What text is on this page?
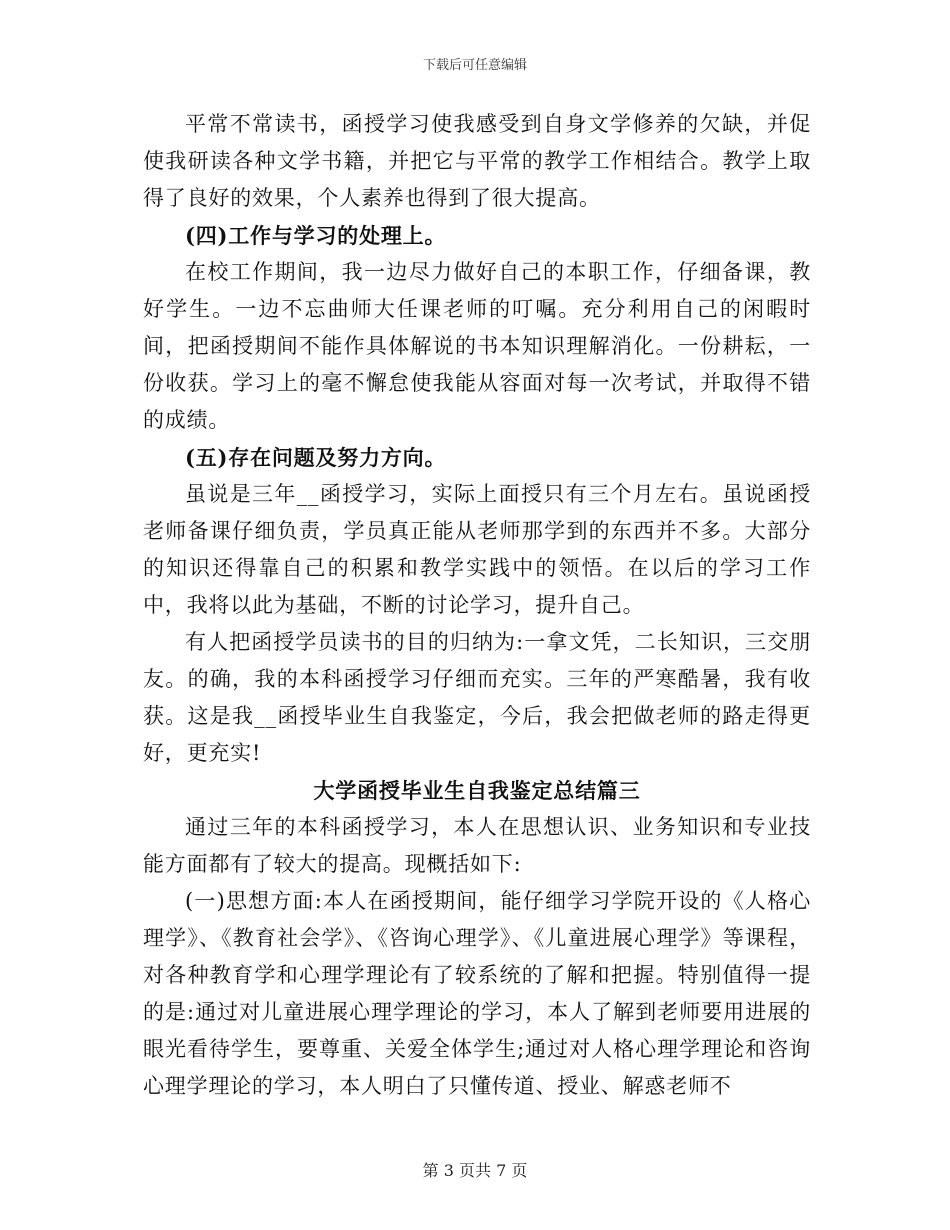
下载后可任意编辑

平常不常读书，函授学习使我感受到自身文学修养的欠缺，并促使我研读各种文学书籍，并把它与平常的教学工作相结合。教学上取得了良好的效果，个人素养也得到了很大提高。

(四)工作与学习的处理上。

在校工作期间，我一边尽力做好自己的本职工作，仔细备课，教好学生。一边不忘曲师大任课老师的叮嘱。充分利用自己的闲暇时间，把函授期间不能作具体解说的书本知识理解消化。一份耕耘，一份收获。学习上的毫不懈怠使我能从容面对每一次考试，并取得不错的成绩。

(五)存在问题及努力方向。

虽说是三年__函授学习，实际上面授只有三个月左右。虽说函授老师备课仔细负责，学员真正能从老师那学到的东西并不多。大部分的知识还得靠自己的积累和教学实践中的领悟。在以后的学习工作中，我将以此为基础，不断的讨论学习，提升自己。

有人把函授学员读书的目的归纳为:一拿文凭，二长知识，三交朋友。的确，我的本科函授学习仔细而充实。三年的严寒酷暑，我有收获。这是我__函授毕业生自我鉴定，今后，我会把做老师的路走得更好，更充实!

大学函授毕业生自我鉴定总结篇三

通过三年的本科函授学习，本人在思想认识、业务知识和专业技能方面都有了较大的提高。现概括如下:

(一)思想方面:本人在函授期间，能仔细学习学院开设的《人格心理学》、《教育社会学》、《咨询心理学》、《儿童进展心理学》等课程，对各种教育学和心理学理论有了较系统的了解和把握。特别值得一提的是:通过对儿童进展心理学理论的学习，本人了解到老师要用进展的眼光看待学生，要尊重、关爱全体学生;通过对人格心理学理论和咨询心理学理论的学习，本人明白了只懂传道、授业、解惑老师不

第 3 页共 7 页
